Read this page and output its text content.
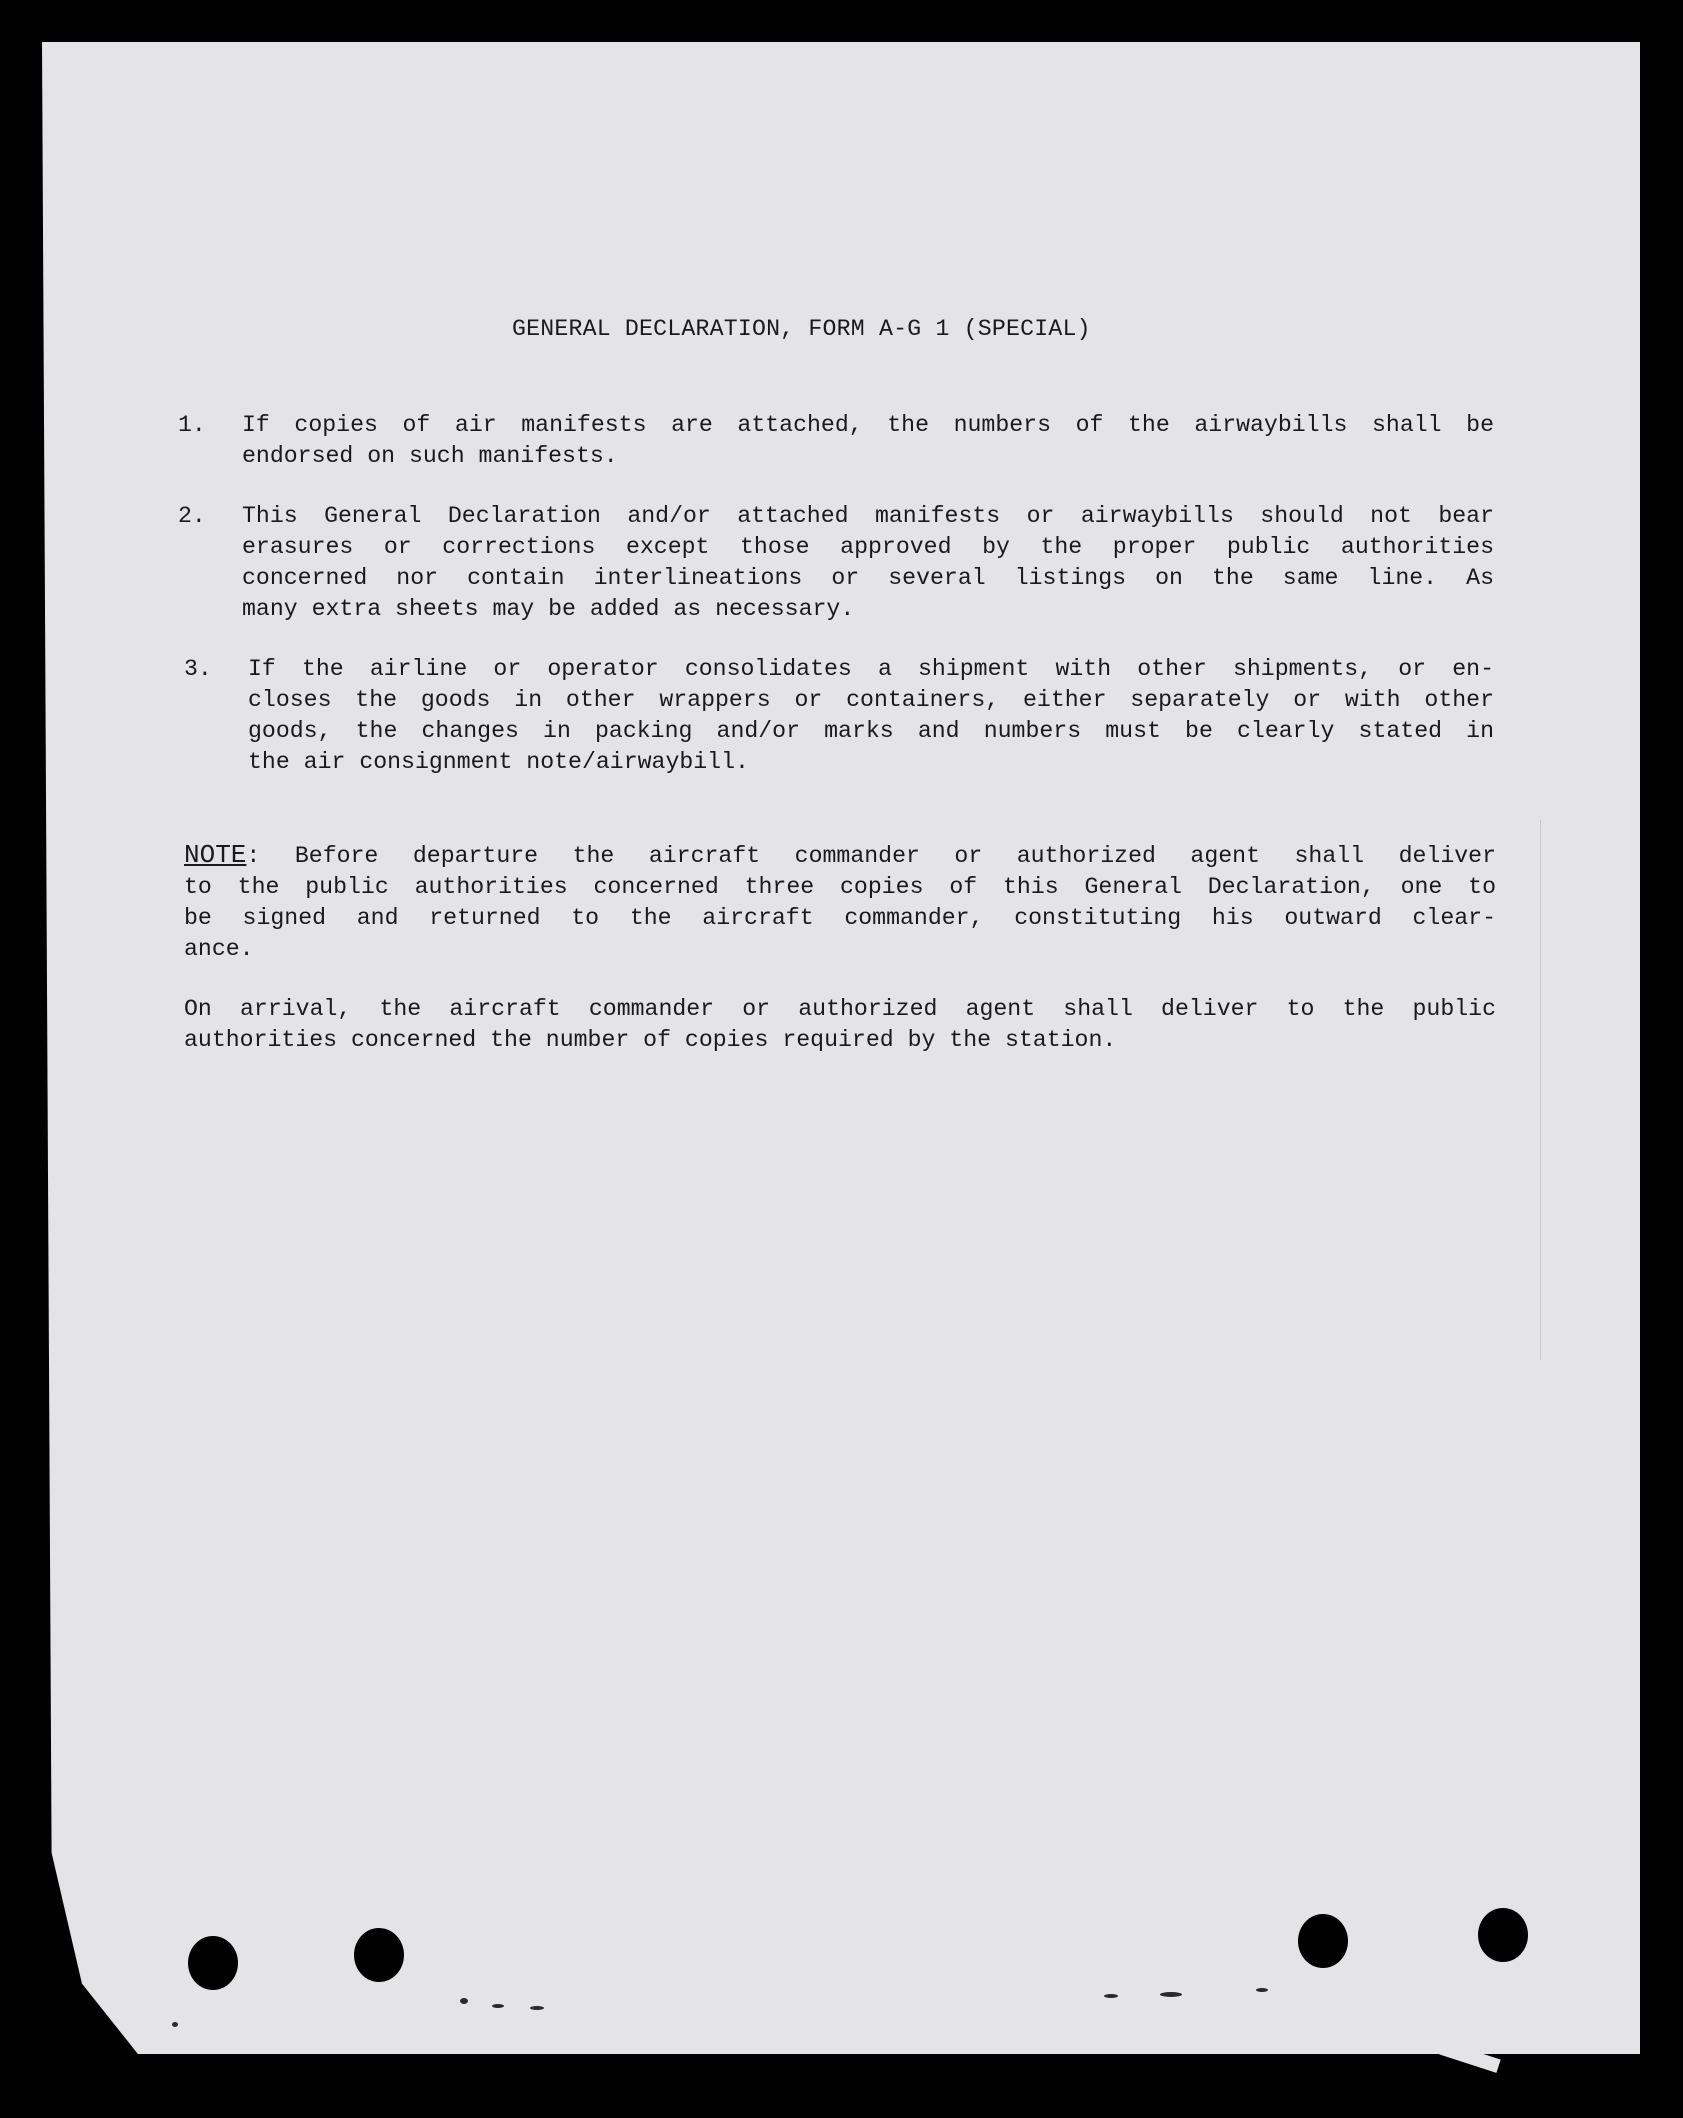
GENERAL DECLARATION, FORM A-G 1 (SPECIAL)
1. If copies of air manifests are attached, the numbers of the airwaybills shall be
endorsed on such manifests.
2. This General Declaration and/or attached manifests or airwaybills should not bear
erasures or corrections except those approved by the proper public authorities
concerned nor contain interlineations or several listings on the same line. As
many extra sheets may be added as necessary.
3. If the airline or operator consolidates a shipment with other shipments, or en-
closes the goods in other wrappers or containers, either separately or with other
goods, the changes in packing and/or marks and numbers must be clearly stated in
the air consignment note/airwaybill.
NOTE: Before departure the aircraft commander or authorized agent shall deliver
to the public authorities concerned three copies of this General Declaration, one to
be signed and returned to the aircraft commander, constituting his outward clear-
ance.
On arrival, the aircraft commander or authorized agent shall deliver to the public
authorities concerned the number of copies required by the station.
